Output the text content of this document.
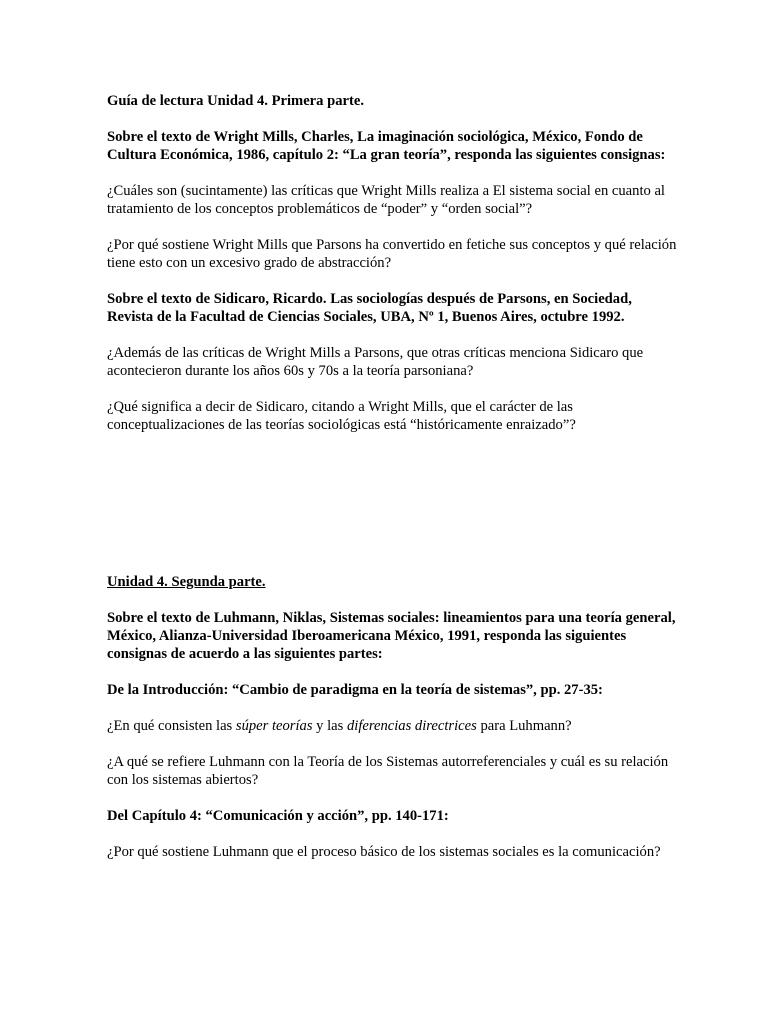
Guía de lectura Unidad 4. Primera parte.
Sobre el texto de Wright Mills, Charles, La imaginación sociológica, México, Fondo de Cultura Económica, 1986, capítulo 2: “La gran teoría”, responda las siguientes consignas:
¿Cuáles son (sucintamente) las críticas que Wright Mills realiza a El sistema social en cuanto al tratamiento de los conceptos problemáticos de “poder” y “orden social”?
¿Por qué sostiene Wright Mills que Parsons ha convertido en fetiche sus conceptos y qué relación tiene esto con un excesivo grado de abstracción?
Sobre el texto de Sidicaro, Ricardo. Las sociologías después de Parsons, en Sociedad, Revista de la Facultad de Ciencias Sociales, UBA, Nº 1, Buenos Aires, octubre 1992.
¿Además de las críticas de Wright Mills a Parsons, que otras críticas menciona Sidicaro que acontecieron durante los años 60s y 70s a la teoría parsoniana?
¿Qué significa a decir de Sidicaro, citando a Wright Mills, que el carácter de las conceptualizaciones de las teorías sociológicas está “históricamente enraizado”?
Unidad 4. Segunda parte.
Sobre el texto de Luhmann, Niklas, Sistemas sociales: lineamientos para una teoría general, México, Alianza-Universidad Iberoamericana México, 1991, responda las siguientes consignas de acuerdo a las siguientes partes:
De la Introducción: “Cambio de paradigma en la teoría de sistemas”, pp. 27-35:
¿En qué consisten las súper teorías y las diferencias directrices para Luhmann?
¿A qué se refiere Luhmann con la Teoría de los Sistemas autorreferenciales y cuál es su relación con los sistemas abiertos?
Del Capítulo 4: “Comunicación y acción”, pp. 140-171:
¿Por qué sostiene Luhmann que el proceso básico de los sistemas sociales es la comunicación?
